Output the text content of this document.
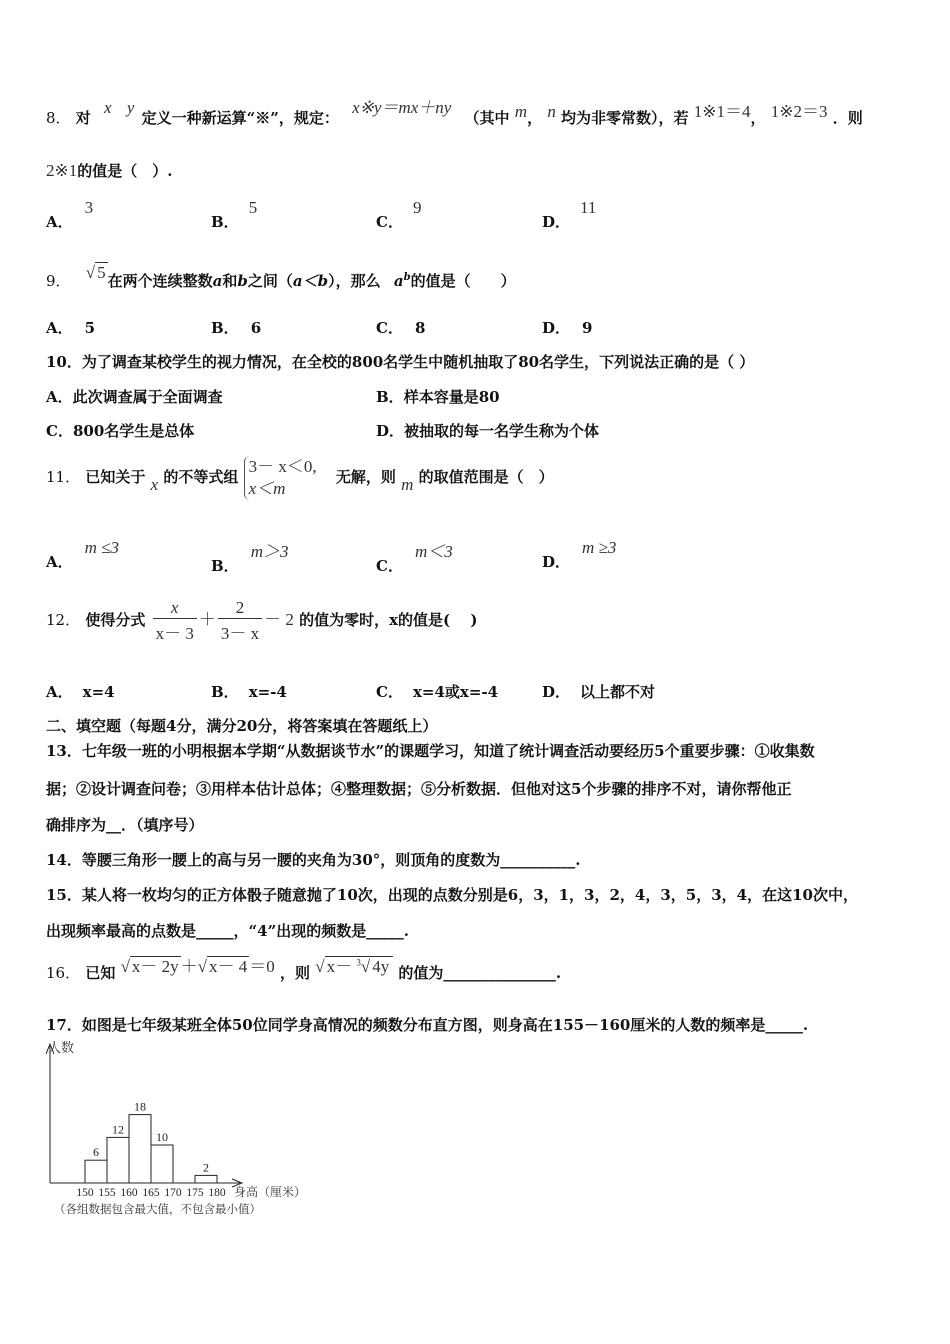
8． 对 x y 定义一种新运算“※”，规定： x※y＝mx＋ny （其中 m， n 均为非零常数），若 1※1＝4， 1※2＝3 ．则
2※1的值是（　）.
A．3
B．5
C．9
D．11
9． √ 5 在两个连续整数a和b之间（a＜b），那么 $a^b$的值是（　　）
A． 5	B． 6	C． 8	D． 9
10．为了调查某校学生的视力情况，在全校的800名学生中随机抽取了80名学生，下列说法正确的是（ ）
A．此次调查属于全面调查	B．样本容量是80
C．800名学生是总体	D．被抽取的每一名学生称为个体
11． 已知关于 x 的不等式组
3－ x＜0,
x＜m
无解，则 m 的取值范围是（　）
A．m ≤3
B．m＞3
C．m＜3
D．m ≥3
12． 使得分式 $\frac{x}{x- 3} + \frac{2}{3- x} - 2$ 的值为零时，x的值是(　 )
A． x=4	B． x=-4	C． x=4或x=-4	D． 以上都不对
二、填空题（每题4分，满分20分，将答案填在答题纸上）
13．七年级一班的小明根据本学期“从数据谈节水”的课题学习，知道了统计调查活动要经历5个重要步骤：①收集数
据；②设计调查问卷；③用样本估计总体；④整理数据；⑤分析数据．但他对这5个步骤的排序不对，请你帮他正
确排序为__．（填序号）
14．等腰三角形一腰上的高与另一腰的夹角为30°，则顶角的度数为__________.
15．某人将一枚均匀的正方体骰子随意抛了10次，出现的点数分别是6，3，1，3，2，4，3，5，3，4，在这10次中，
出现频率最高的点数是_____，“4”出现的频数是_____.
16． 已知 √ x－ 2y ＋√ x－ 4 ＝0 ，则 √ x－ $^3$√ 4y 的值为_______________.
17．如图是七年级某班全体50位同学身高情况的频数分布直方图，则身高在155－160厘米的人数的频率是_____.
人数
身高（厘米）
（各组数据包含最大值，不包含最小值）
6
12
18
10
2
150 155 160 165 170 175 180
